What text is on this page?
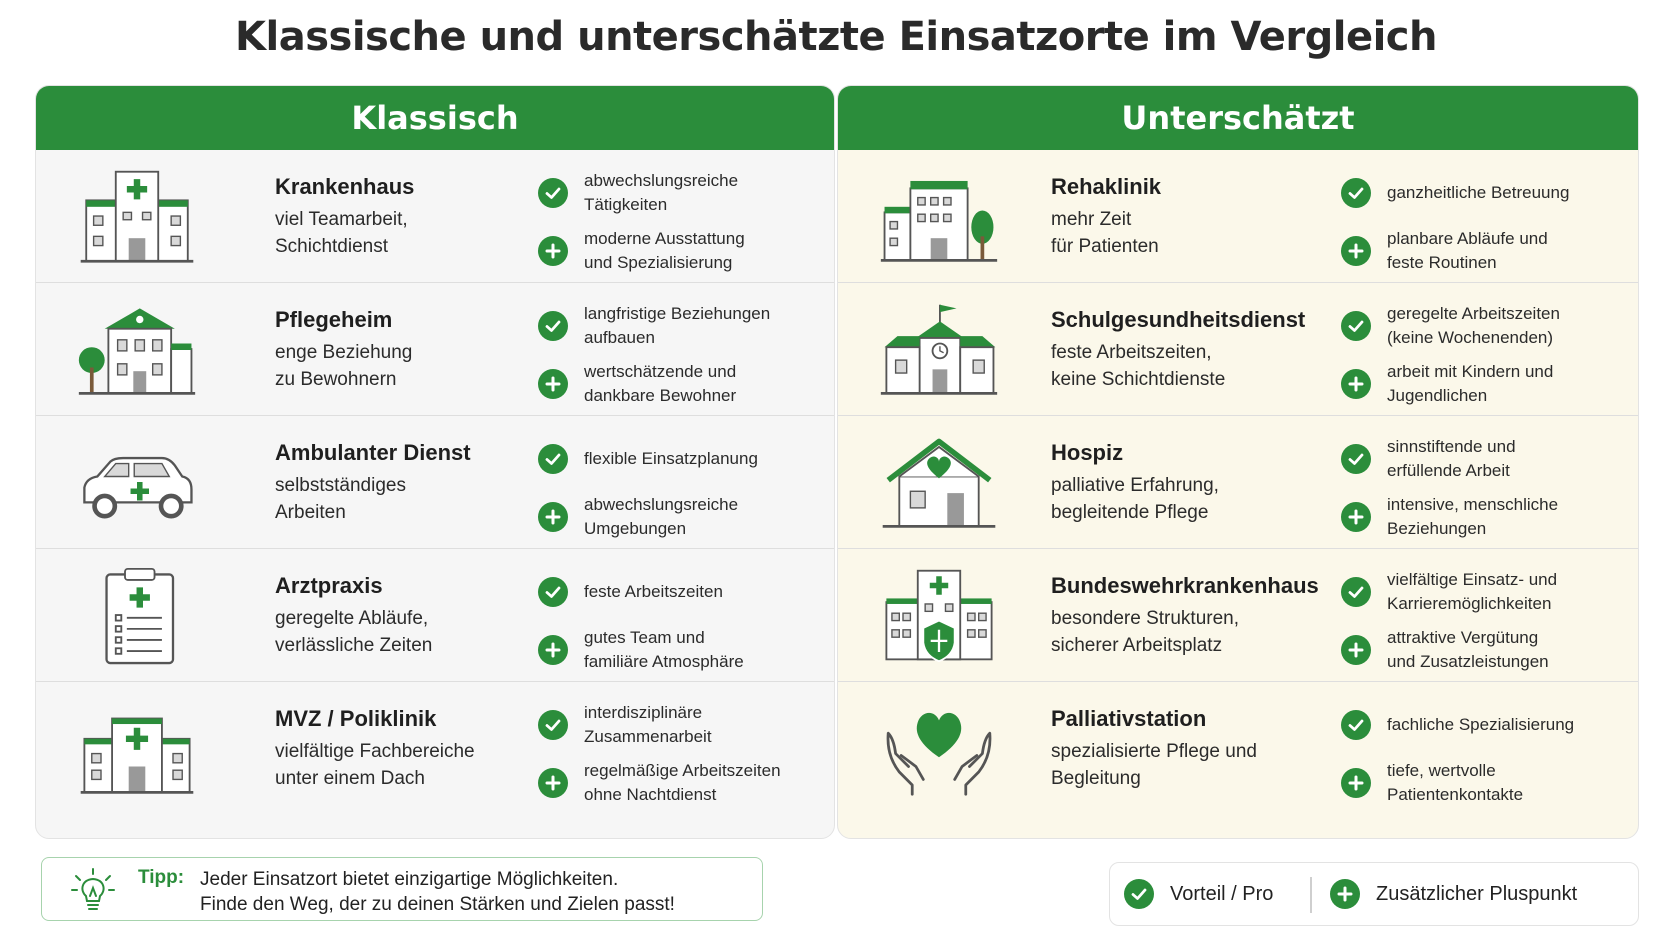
Klassische und unterschätzte Einsatzorte im Vergleich
Klassisch
Krankenhaus
viel Teamarbeit,
Schichtdienst
abwechslungsreiche
Tätigkeiten
moderne Ausstattung
und Spezialisierung
Pflegeheim
enge Beziehung
zu Bewohnern
langfristige Beziehungen
aufbauen
wertschätzende und
dankbare Bewohner
Ambulanter Dienst
selbstständiges
Arbeiten
flexible Einsatzplanung
abwechslungsreiche
Umgebungen
Arztpraxis
geregelte Abläufe,
verlässliche Zeiten
feste Arbeitszeiten
gutes Team und
familiäre Atmosphäre
MVZ / Poliklinik
vielfältige Fachbereiche
unter einem Dach
interdisziplinäre
Zusammenarbeit
regelmäßige Arbeitszeiten
ohne Nachtdienst
Unterschätzt
Rehaklinik
mehr Zeit
für Patienten
ganzheitliche Betreuung
planbare Abläufe und
feste Routinen
Schulgesundheitsdienst
feste Arbeitszeiten,
keine Schichtdienste
geregelte Arbeitszeiten
(keine Wochenenden)
arbeit mit Kindern und
Jugendlichen
Hospiz
palliative Erfahrung,
begleitende Pflege
sinnstiftende und
erfüllende Arbeit
intensive, menschliche
Beziehungen
Bundeswehrkrankenhaus
besondere Strukturen,
sicherer Arbeitsplatz
vielfältige Einsatz- und
Karrieremöglichkeiten
attraktive Vergütung
und Zusatzleistungen
Palliativstation
spezialisierte Pflege und
Begleitung
fachliche Spezialisierung
tiefe, wertvolle
Patientenkontakte
Tipp: Jeder Einsatzort bietet einzigartige Möglichkeiten.
Finde den Weg, der zu deinen Stärken und Zielen passt!	Vorteil / Pro	Zusätzlicher Pluspunkt
